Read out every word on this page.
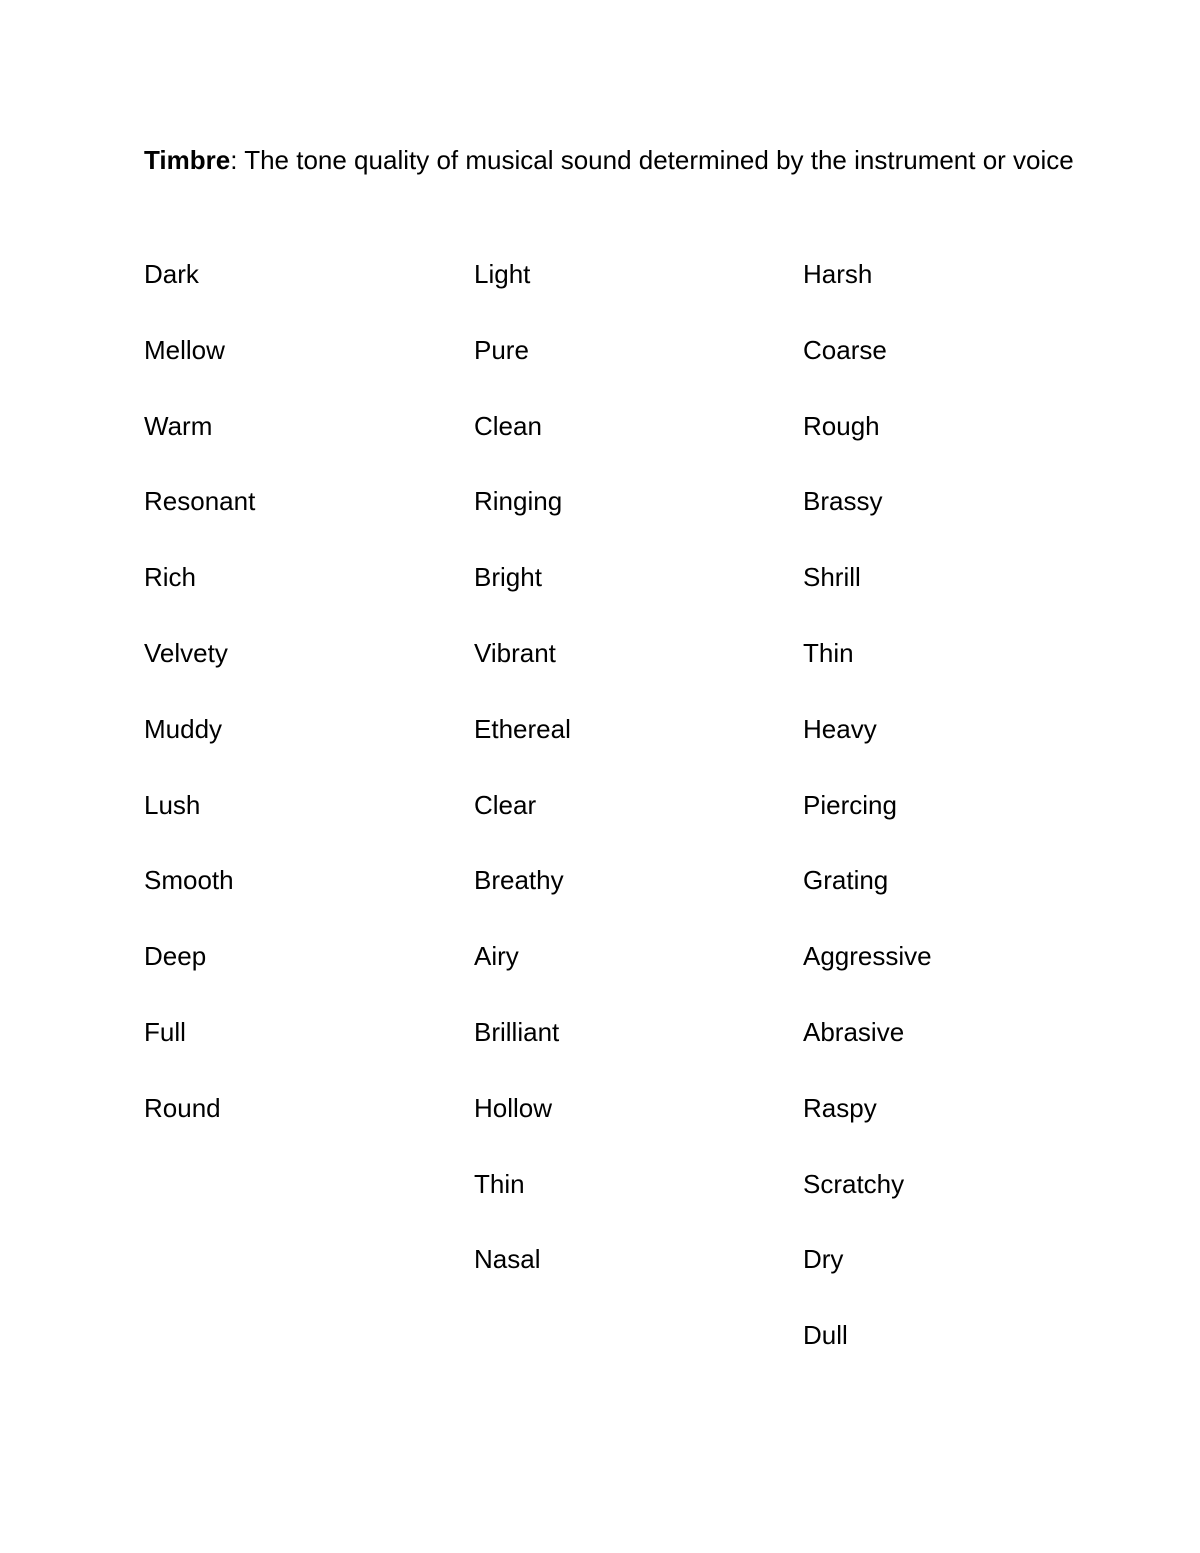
Timbre: The tone quality of musical sound determined by the instrument or voice

Dark
Mellow
Warm
Resonant
Rich
Velvety
Muddy
Lush
Smooth
Deep
Full
Round
Light
Pure
Clean
Ringing
Bright
Vibrant
Ethereal
Clear
Breathy
Airy
Brilliant
Hollow
Thin
Nasal
Harsh
Coarse
Rough
Brassy
Shrill
Thin
Heavy
Piercing
Grating
Aggressive
Abrasive
Raspy
Scratchy
Dry
Dull
